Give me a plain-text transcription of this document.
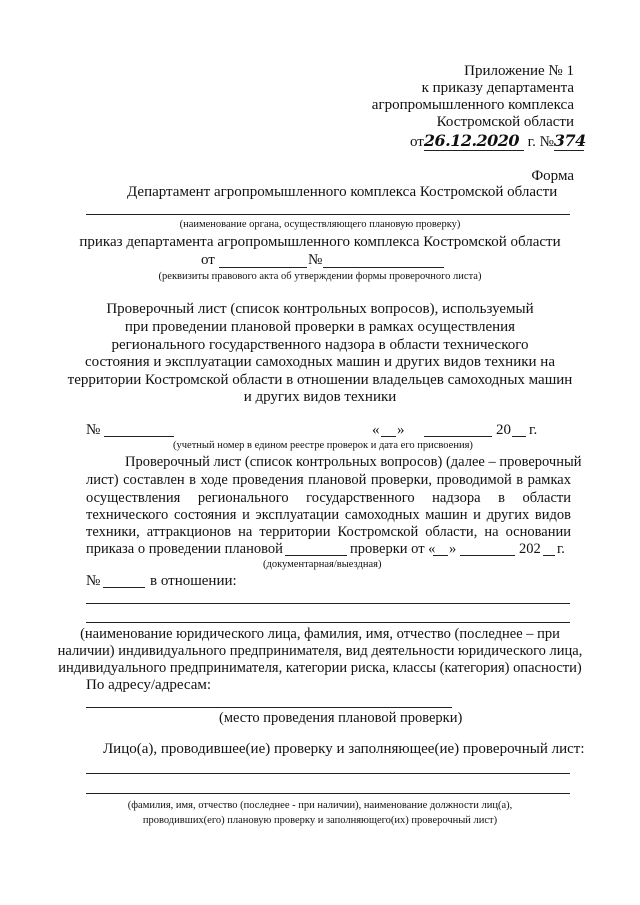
Приложение № 1
к приказу департамента
агропромышленного комплекса
Костромской области
от26.12.2020 г. №374
Форма
Департамент агропромышленного комплекса Костромской области
(наименование органа, осуществляющего плановую проверку)
приказ департамента агропромышленного комплекса Костромской области
от	№
(реквизиты правового акта об утверждении формы проверочного листа)
Проверочный лист (список контрольных вопросов), используемый
при проведении плановой проверки в рамках осуществления
регионального государственного надзора в области технического
состояния и эксплуатации самоходных машин и других видов техники на
территории Костромской области в отношении владельцев самоходных машин
и других видов техники
№	« »	20 г.
(учетный номер в едином реестре проверок и дата его присвоения)
Проверочный лист (список контрольных вопросов) (далее – проверочный
лист) составлен в ходе проведения плановой проверки, проводимой в рамках
осуществления регионального государственного надзора в области
технического состояния и эксплуатации самоходных машин и других видов
техники, аттракционов на территории Костромской области, на основании
приказа о проведении плановой	проверки от « »	202 г.
(документарная/выездная)
№	в отношении:
(наименование юридического лица, фамилия, имя, отчество (последнее – при
наличии) индивидуального предпринимателя, вид деятельности юридического лица,
индивидуального предпринимателя, категории риска, классы (категория) опасности)
По адресу/адресам:
(место проведения плановой проверки)
Лицо(а), проводившее(ие) проверку и заполняющее(ие) проверочный лист:
(фамилия, имя, отчество (последнее - при наличии), наименование должности лиц(а),
проводивших(его) плановую проверку и заполняющего(их) проверочный лист)
